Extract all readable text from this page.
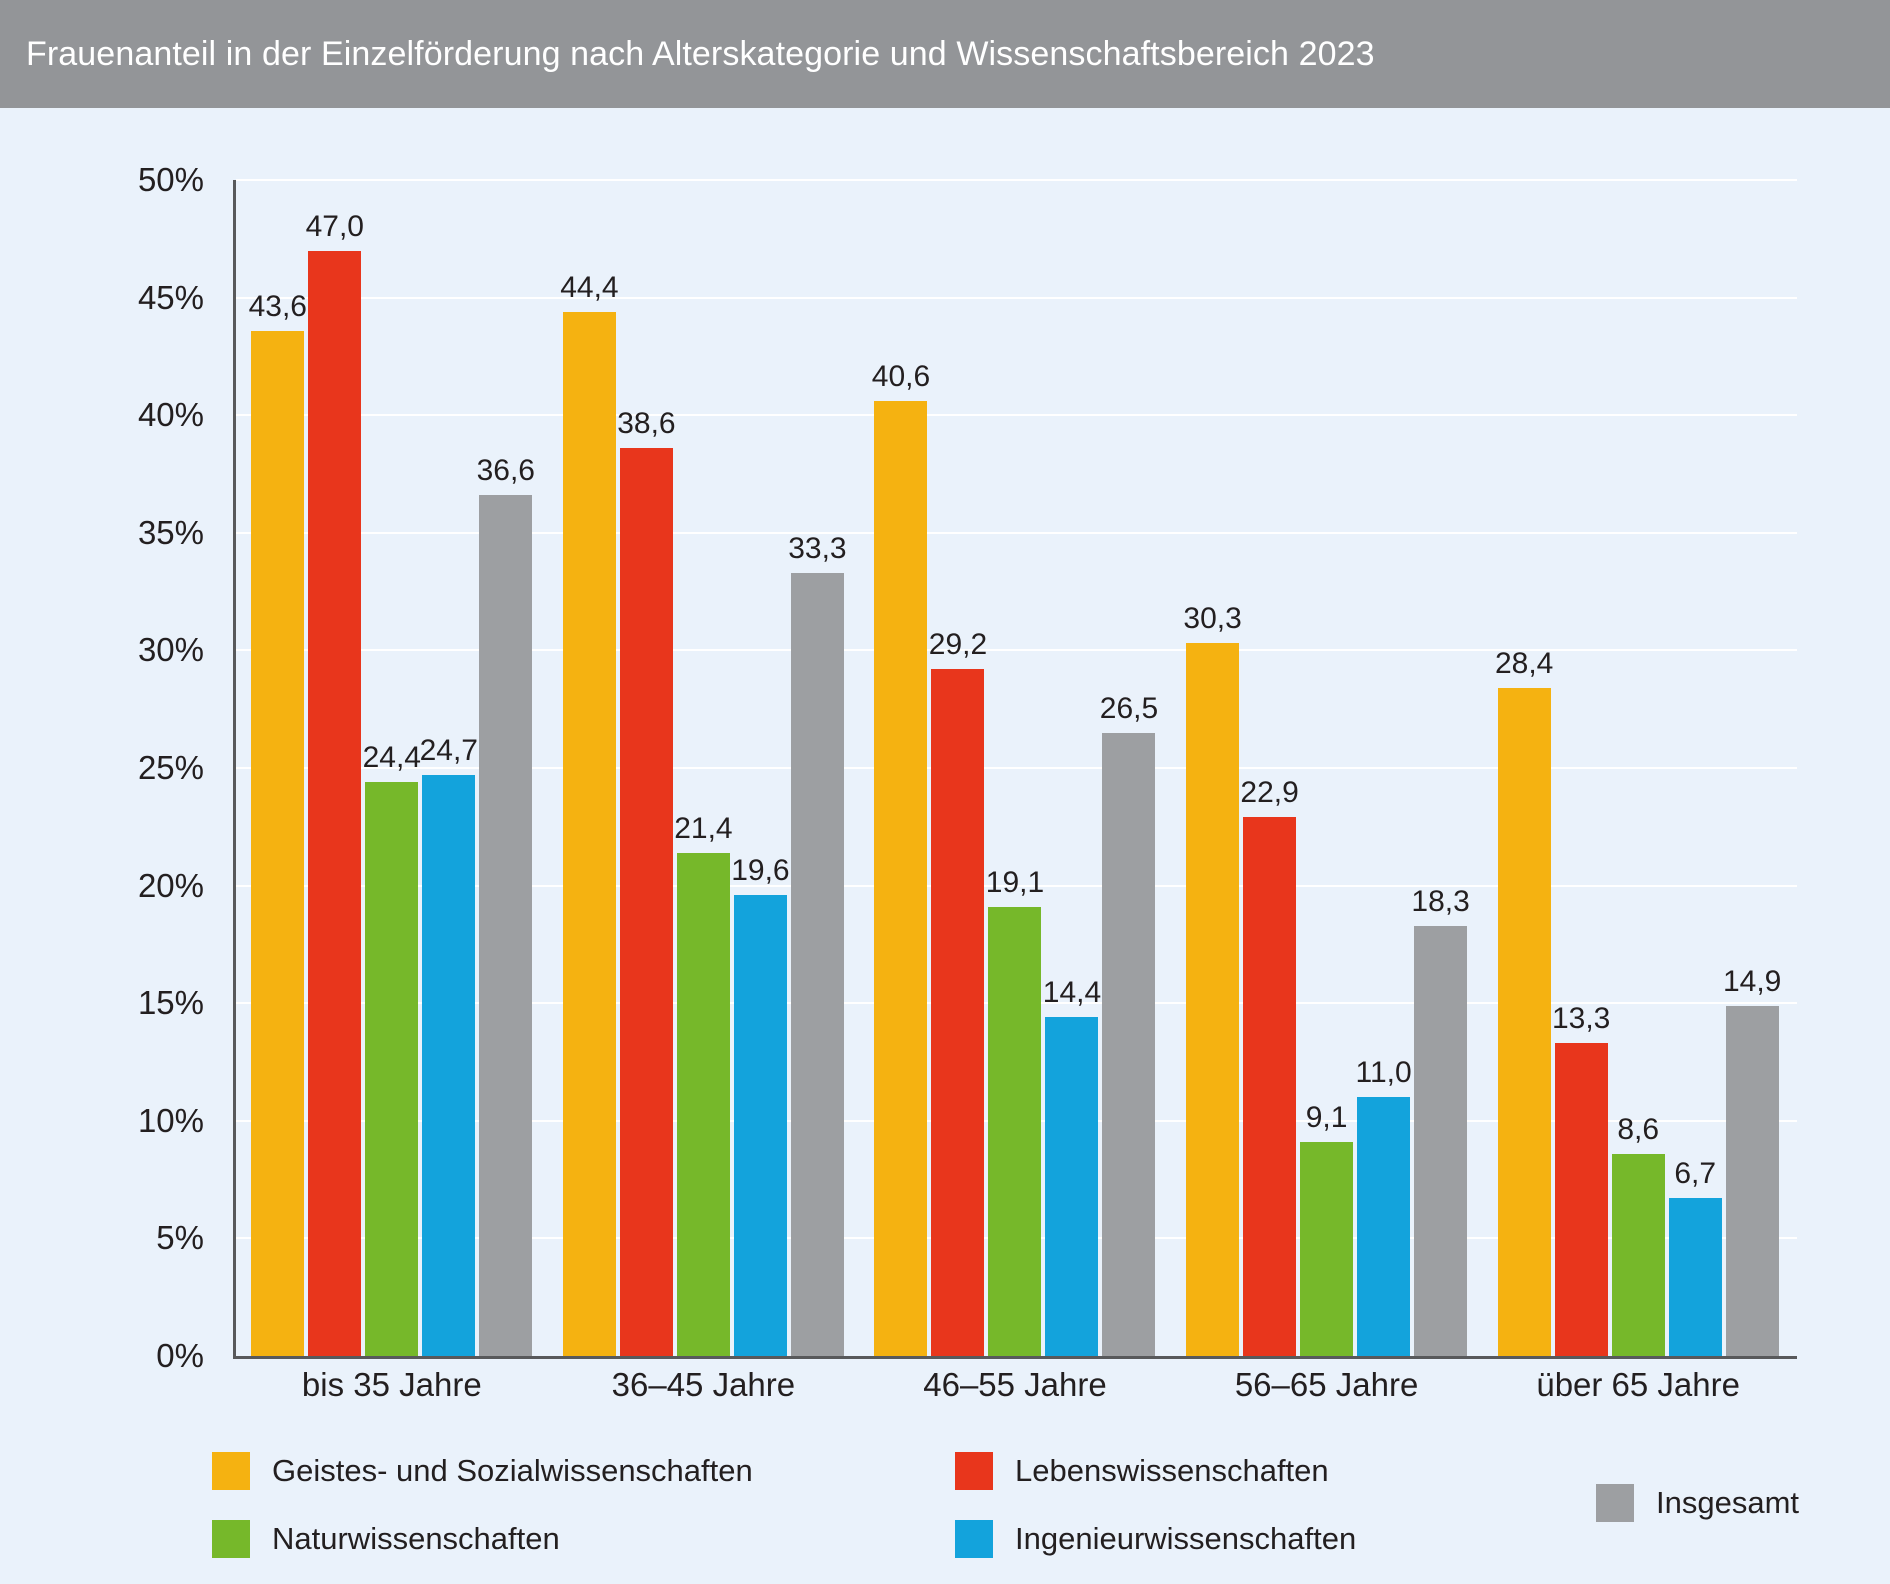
Frauenanteil in der Einzelförderung nach Alterskategorie und Wissenschaftsbereich 2023
0%
5%
10%
15%
20%
25%
30%
35%
40%
45%
50%
43,6
47,0
24,4
24,7
36,6
44,4
38,6
21,4
19,6
33,3
40,6
29,2
19,1
14,4
26,5
30,3
22,9
9,1
11,0
18,3
28,4
13,3
8,6
6,7
14,9
bis 35 Jahre	36–45 Jahre	46–55 Jahre	56–65 Jahre	über 65 Jahre
Geistes- und Sozialwissenschaften	Lebenswissenschaften
Insgesamt
Naturwissenschaften	Ingenieurwissenschaften
